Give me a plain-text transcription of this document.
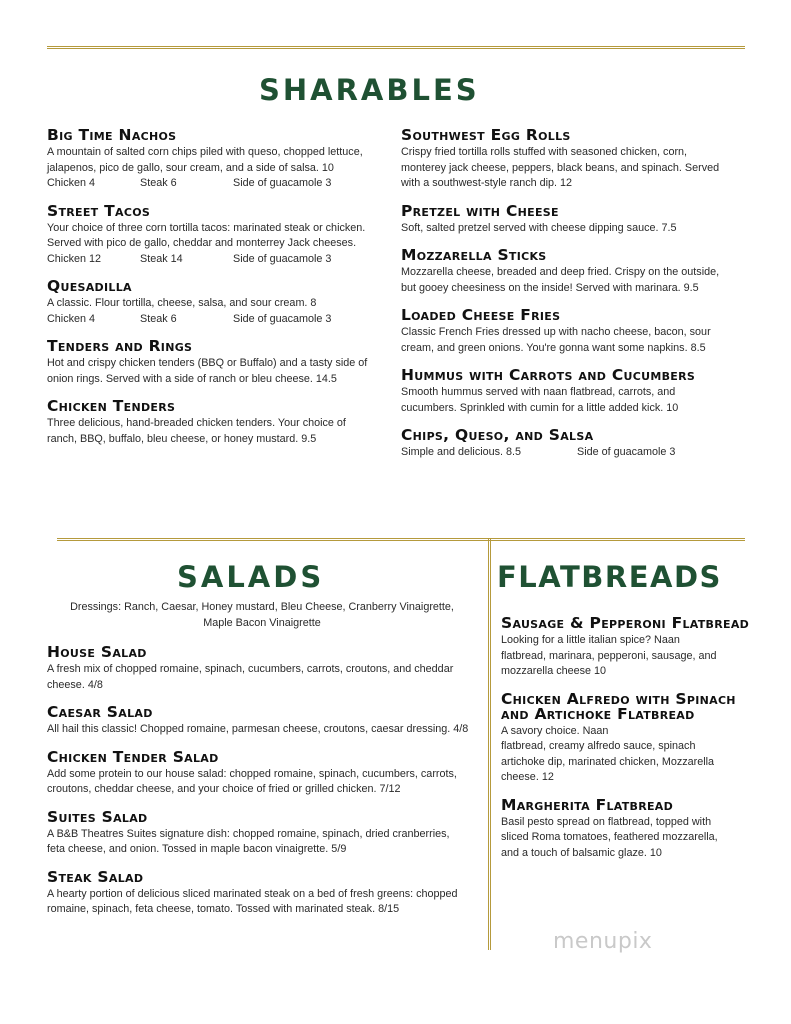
SHARABLES
Big Time Nachos
A mountain of salted corn chips piled with queso, chopped lettuce,
jalapenos, pico de gallo, sour cream, and a side of salsa. 10
Chicken 4	Steak 6	Side of guacamole 3
Street Tacos
Your choice of three corn tortilla tacos: marinated steak or chicken.
Served with pico de gallo, cheddar and monterrey Jack cheeses.
Chicken 12	Steak 14	Side of guacamole 3
Quesadilla
A classic. Flour tortilla, cheese, salsa, and sour cream. 8
Chicken 4	Steak 6	Side of guacamole 3
Tenders and Rings
Hot and crispy chicken tenders (BBQ or Buffalo) and a tasty side of
onion rings. Served with a side of ranch or bleu cheese. 14.5
Chicken Tenders
Three delicious, hand-breaded chicken tenders. Your choice of
ranch, BBQ, buffalo, bleu cheese, or honey mustard. 9.5
Southwest Egg Rolls
Crispy fried tortilla rolls stuffed with seasoned chicken, corn,
monterey jack cheese, peppers, black beans, and spinach. Served
with a southwest-style ranch dip. 12
Pretzel with Cheese
Soft, salted pretzel served with cheese dipping sauce. 7.5
Mozzarella Sticks
Mozzarella cheese, breaded and deep fried. Crispy on the outside,
but gooey cheesiness on the inside! Served with marinara. 9.5
Loaded Cheese Fries
Classic French Fries dressed up with nacho cheese, bacon, sour
cream, and green onions. You're gonna want some napkins. 8.5
Hummus with Carrots and Cucumbers
Smooth hummus served with naan flatbread, carrots, and
cucumbers. Sprinkled with cumin for a little added kick. 10
Chips, Queso, and Salsa
Simple and delicious. 8.5	Side of guacamole 3
SALADS
Dressings: Ranch, Caesar, Honey mustard, Bleu Cheese, Cranberry Vinaigrette,
Maple Bacon Vinaigrette
House Salad
A fresh mix of chopped romaine, spinach, cucumbers, carrots, croutons, and cheddar
cheese. 4/8
Caesar Salad
All hail this classic! Chopped romaine, parmesan cheese, croutons, caesar dressing. 4/8
Chicken Tender Salad
Add some protein to our house salad: chopped romaine, spinach, cucumbers, carrots,
croutons, cheddar cheese, and your choice of fried or grilled chicken. 7/12
Suites Salad
A B&B Theatres Suites signature dish: chopped romaine, spinach, dried cranberries,
feta cheese, and onion. Tossed in maple bacon vinaigrette. 5/9
Steak Salad
A hearty portion of delicious sliced marinated steak on a bed of fresh greens: chopped
romaine, spinach, feta cheese, tomato. Tossed with marinated steak. 8/15
FLATBREADS
Sausage & Pepperoni Flatbread
Looking for a little italian spice? Naan
flatbread, marinara, pepperoni, sausage, and
mozzarella cheese 10
Chicken Alfredo with Spinach and Artichoke Flatbread
A savory choice. Naan
flatbread, creamy alfredo sauce, spinach
artichoke dip, marinated chicken, Mozzarella
cheese. 12
Margherita Flatbread
Basil pesto spread on flatbread, topped with
sliced Roma tomatoes, feathered mozzarella,
and a touch of balsamic glaze. 10
menupix
